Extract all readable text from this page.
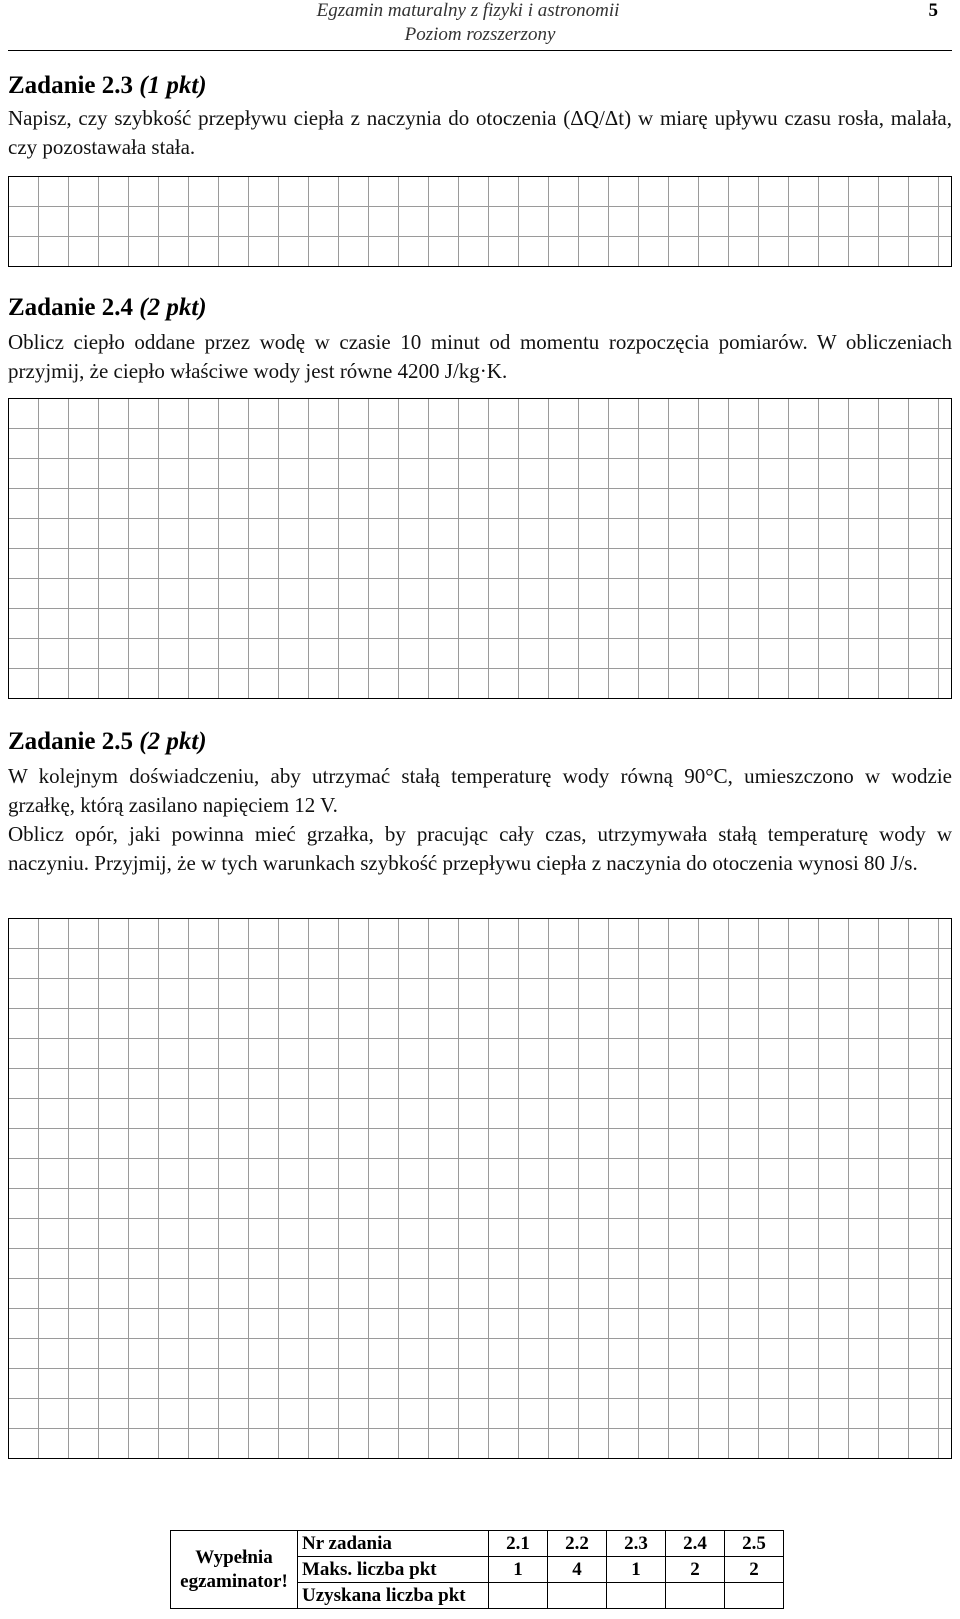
Egzamin maturalny z fizyki i astronomii
Poziom rozszerzony
5
Zadanie 2.3 (1 pkt)

Napisz, czy szybkość przepływu ciepła z naczynia do otoczenia (ΔQ/Δt) w miarę upływu czasu rosła, malała, czy pozostawała stała.

Zadanie 2.4 (2 pkt)

Oblicz ciepło oddane przez wodę w czasie 10 minut od momentu rozpoczęcia pomiarów. W obliczeniach przyjmij, że ciepło właściwe wody jest równe 4200 J/kg·K.

Zadanie 2.5 (2 pkt)

W kolejnym doświadczeniu, aby utrzymać stałą temperaturę wody równą 90°C, umieszczono w wodzie grzałkę, którą zasilano napięciem 12 V.

Oblicz opór, jaki powinna mieć grzałka, by pracując cały czas, utrzymywała stałą temperaturę wody w naczyniu. Przyjmij, że w tych warunkach szybkość przepływu ciepła z naczynia do otoczenia wynosi 80 J/s.

Wypełnia
egzaminator!	Nr zadania	2.1	2.2	2.3	2.4	2.5
	Maks. liczba pkt	1	4	1	2	2
	Uzyskana liczba pkt					
